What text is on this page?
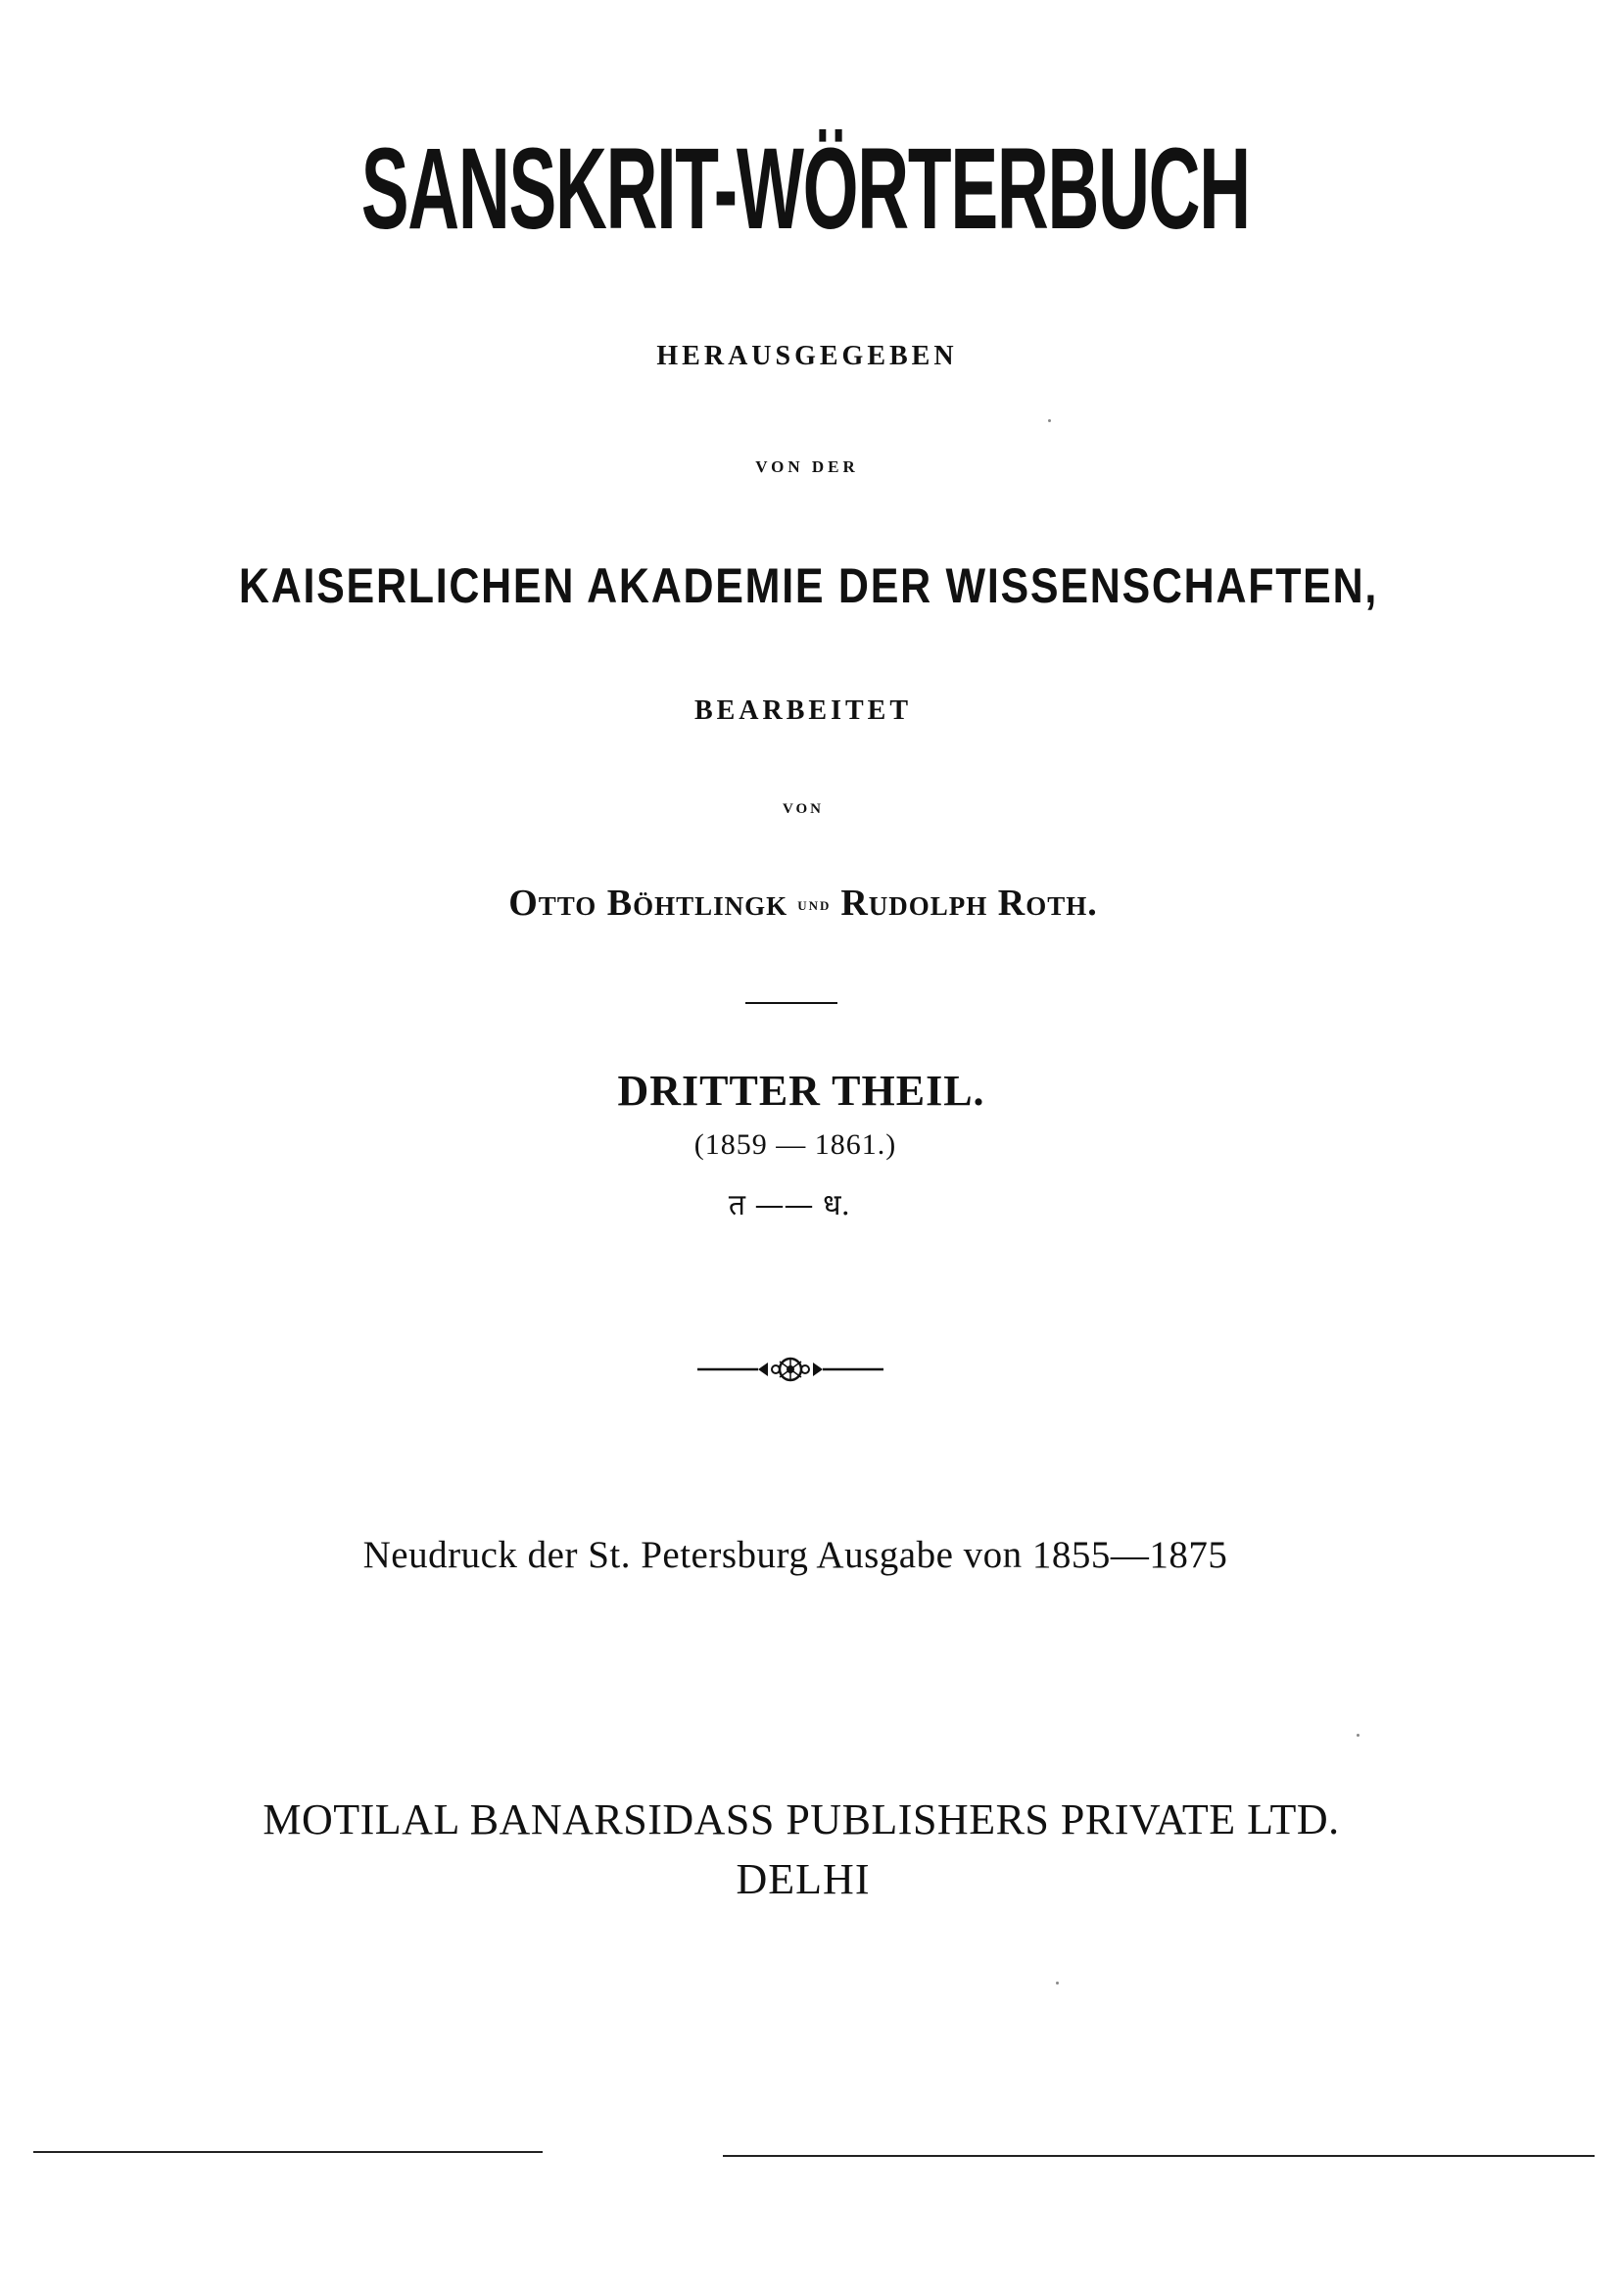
SANSKRIT-WÖRTERBUCH
HERAUSGEGEBEN
VON DER
KAISERLICHEN AKADEMIE DER WISSENSCHAFTEN,
BEARBEITET
VON
Otto Böhtlingk UND Rudolph Roth.
DRITTER THEIL.
(1859 — 1861.)
त —— ध.
Neudruck der St. Petersburg Ausgabe von 1855—1875
MOTILAL BANARSIDASS PUBLISHERS PRIVATE LTD.
DELHI
